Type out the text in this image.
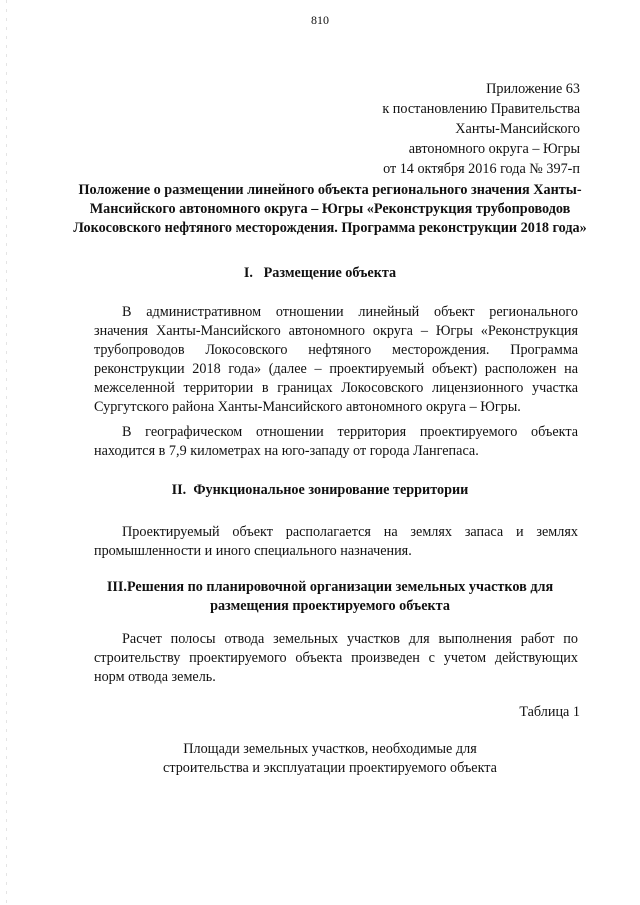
810
Приложение 63
к постановлению Правительства
Ханты-Мансийского
автономного округа – Югры
от 14 октября 2016 года № 397-п
Положение о размещении линейного объекта регионального значения Ханты-Мансийского автономного округа – Югры «Реконструкция трубопроводов Локосовского нефтяного месторождения. Программа реконструкции 2018 года»
I.   Размещение объекта

В административном отношении линейный объект регионального значения Ханты-Мансийского автономного округа – Югры «Реконструкция трубопроводов Локосовского нефтяного месторождения. Программа реконструкции 2018 года» (далее – проектируемый объект) расположен на межселенной территории в границах Локосовского лицензионного участка Сургутского района Ханты-Мансийского автономного округа – Югры.

В географическом отношении территория проектируемого объекта находится в 7,9 километрах на юго-западу от города Лангепаса.

II.  Функциональное зонирование территории

Проектируемый объект располагается на землях запаса и землях промышленности и иного специального назначения.

III.Решения по планировочной организации земельных участков для размещения проектируемого объекта

Расчет полосы отвода земельных участков для выполнения работ по строительству проектируемого объекта произведен с учетом действующих норм отвода земель.

Таблица 1
Площади земельных участков, необходимые для
строительства и эксплуатации проектируемого объекта
